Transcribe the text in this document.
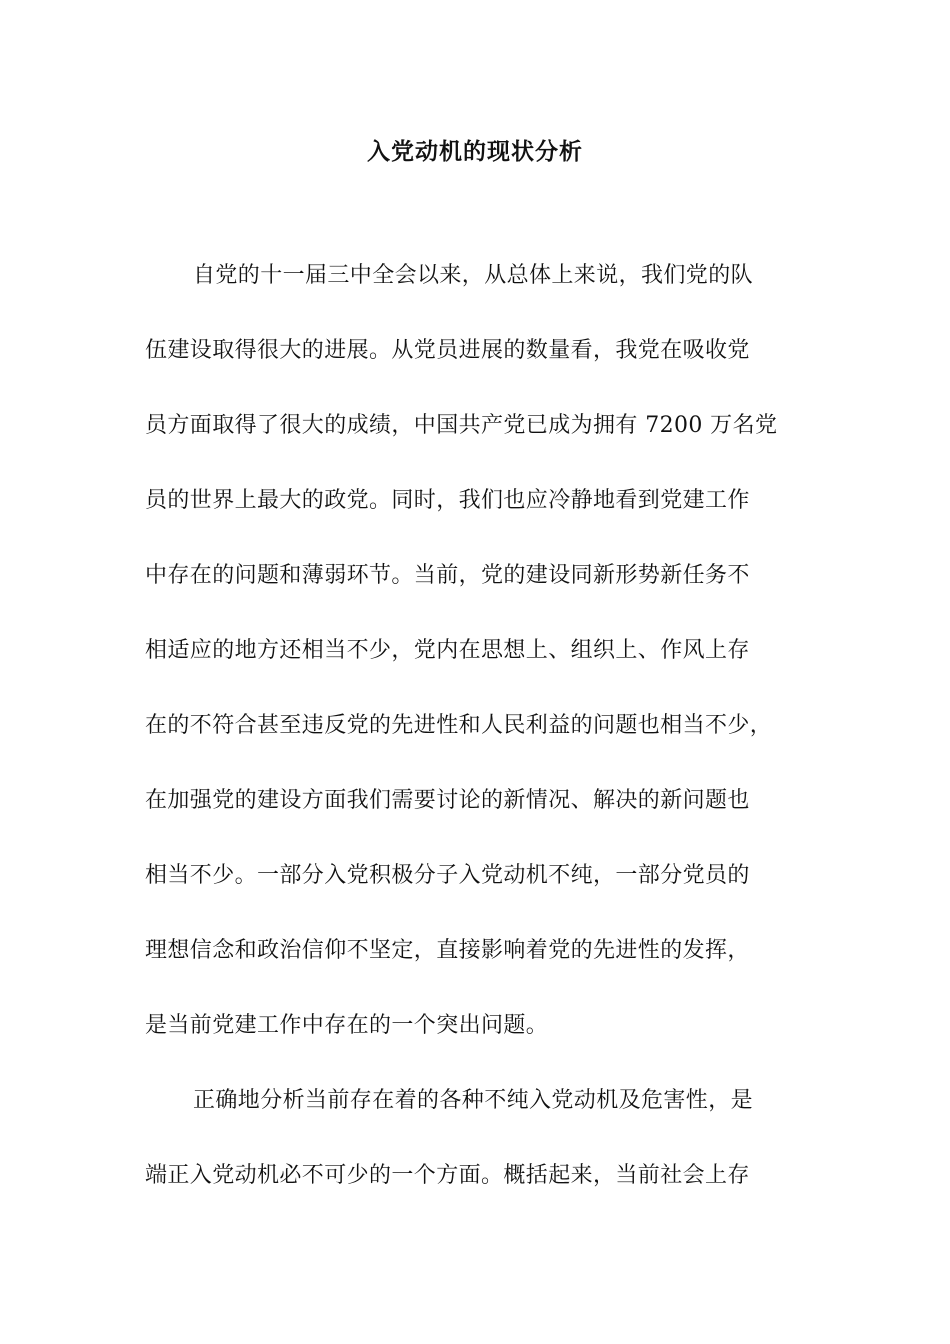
入党动机的现状分析
自党的十一届三中全会以来，从总体上来说，我们党的队
伍建设取得很大的进展。从党员进展的数量看，我党在吸收党
员方面取得了很大的成绩，中国共产党已成为拥有 7200 万名党
员的世界上最大的政党。同时，我们也应冷静地看到党建工作
中存在的问题和薄弱环节。当前，党的建设同新形势新任务不
相适应的地方还相当不少，党内在思想上、组织上、作风上存
在的不符合甚至违反党的先进性和人民利益的问题也相当不少，
在加强党的建设方面我们需要讨论的新情况、解决的新问题也
相当不少。一部分入党积极分子入党动机不纯，一部分党员的
理想信念和政治信仰不坚定，直接影响着党的先进性的发挥，
是当前党建工作中存在的一个突出问题。
正确地分析当前存在着的各种不纯入党动机及危害性，是
端正入党动机必不可少的一个方面。概括起来，当前社会上存
